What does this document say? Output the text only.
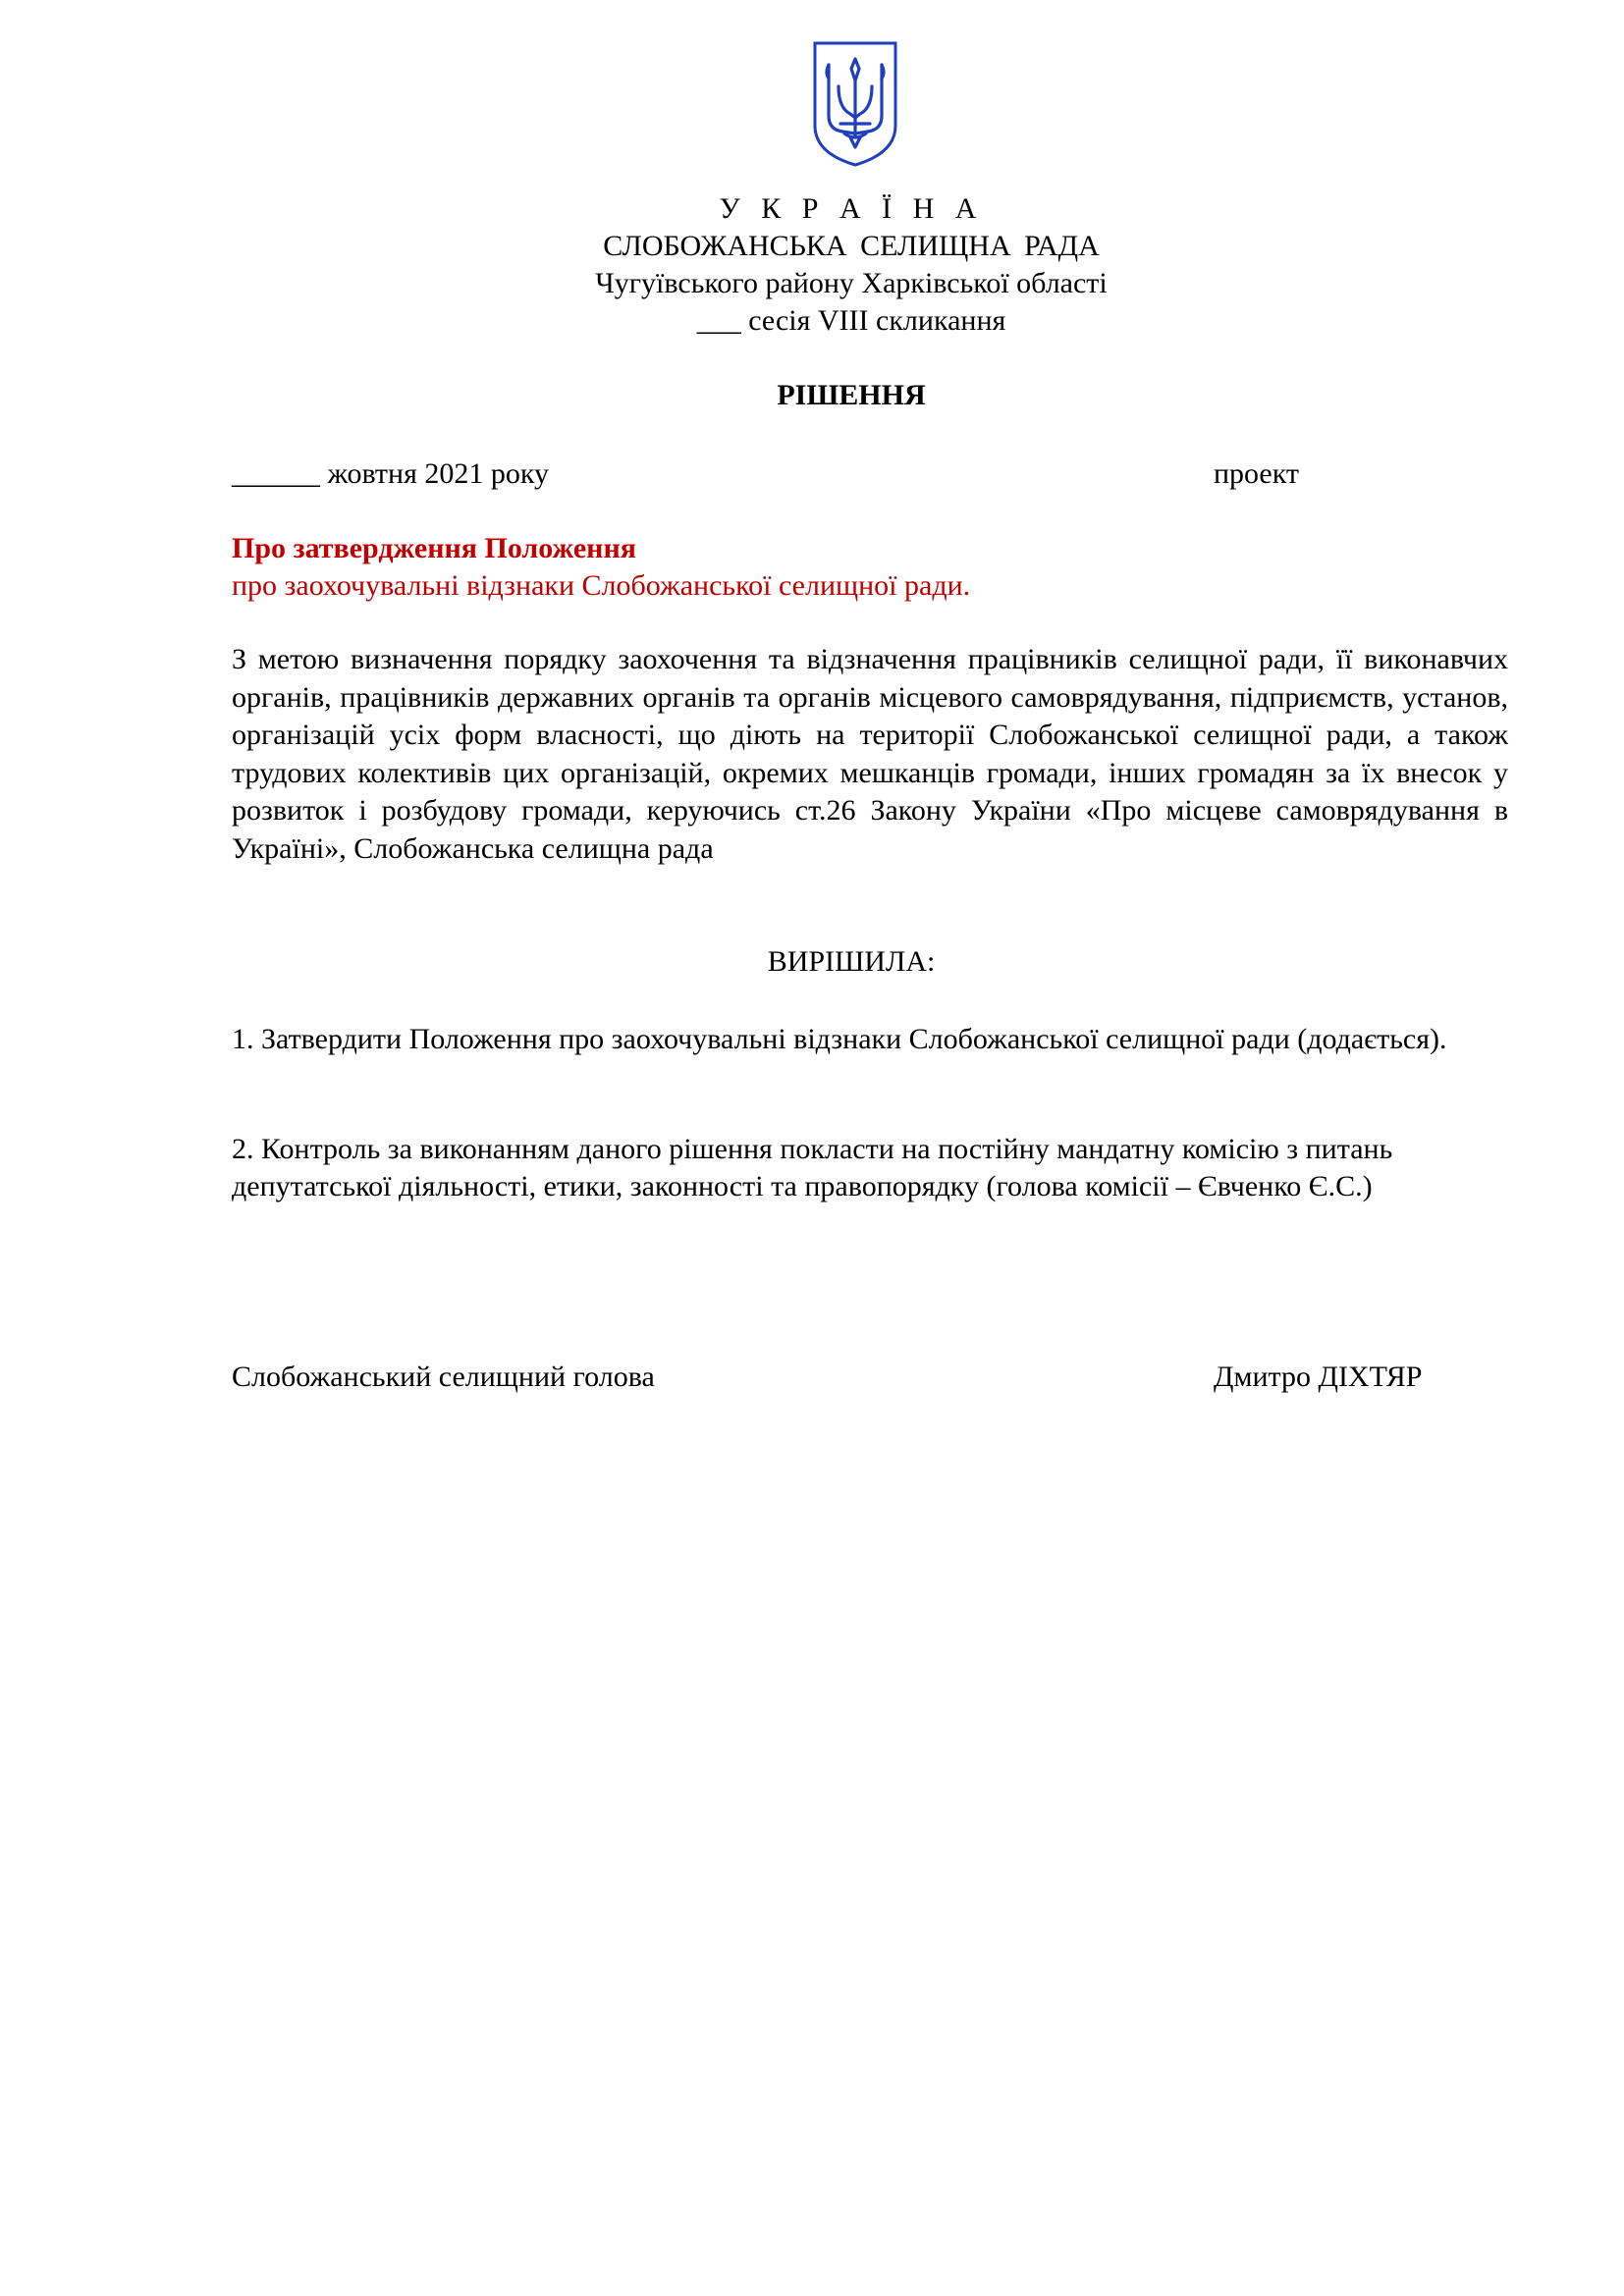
У К Р А Ї Н А
СЛОБОЖАНСЬКА СЕЛИЩНА РАДА
Чугуївського району Харківської області
___ сесія VIII скликання
РІШЕННЯ
______ жовтня 2021 року	проект
Про затвердження Положення
про заохочувальні відзнаки Слобожанської селищної ради.

З метою визначення порядку заохочення та відзначення працівників селищної ради, її виконавчих органів, працівників державних органів та органів місцевого самоврядування, підприємств, установ, організацій усіх форм власності, що діють на території Слобожанської селищної ради, а також трудових колективів цих організацій, окремих мешканців громади, інших громадян за їх внесок у розвиток і розбудову громади, керуючись ст.26 Закону України «Про місцеве самоврядування в Україні», Слобожанська селищна рада

ВИРІШИЛА:

1. Затвердити Положення про заохочувальні відзнаки Слобожанської селищної ради (додається).

2. Контроль за виконанням даного рішення покласти на постійну мандатну комісію з питань депутатської діяльності, етики, законності та правопорядку (голова комісії – Євченко Є.С.)

Слобожанський селищний голова	Дмитро ДІХТЯР
